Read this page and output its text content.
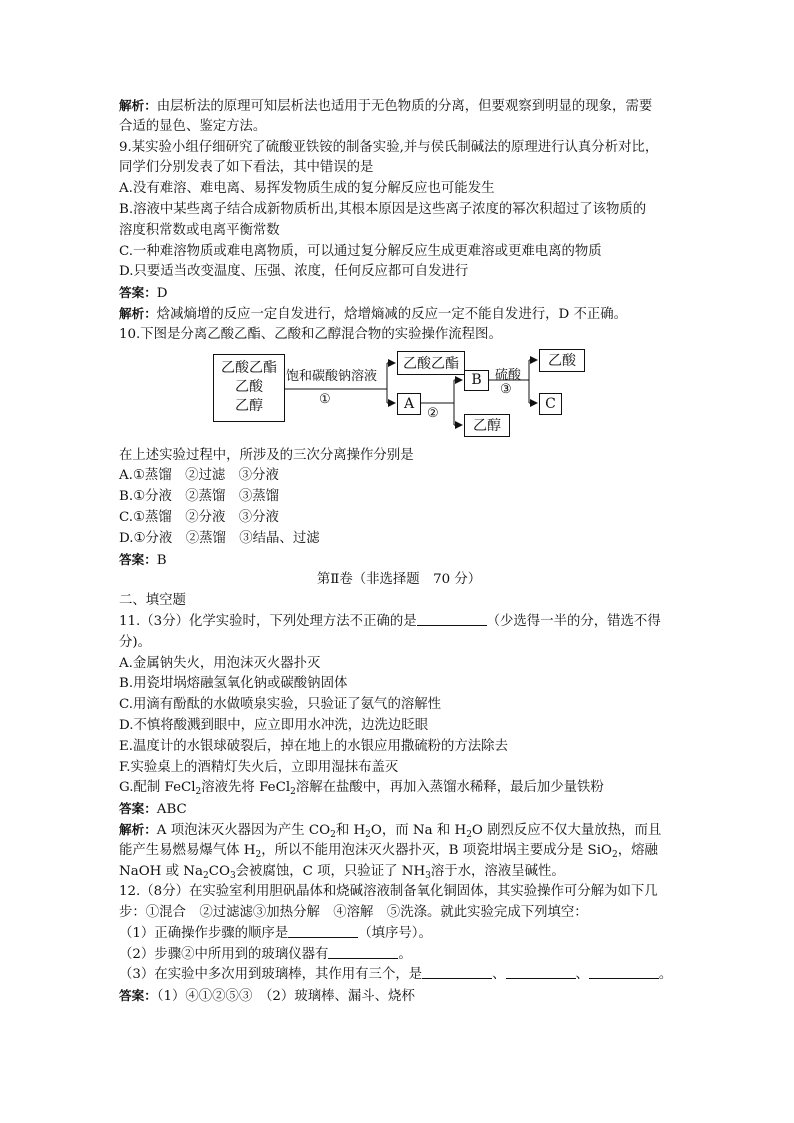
解析：由层析法的原理可知层析法也适用于无色物质的分离，但要观察到明显的现象，需要
合适的显色、鉴定方法。
9.某实验小组仔细研究了硫酸亚铁铵的制备实验,并与侯氏制碱法的原理进行认真分析对比，
同学们分别发表了如下看法，其中错误的是
A.没有难溶、难电离、易挥发物质生成的复分解反应也可能发生
B.溶液中某些离子结合成新物质析出,其根本原因是这些离子浓度的幂次积超过了该物质的
溶度积常数或电离平衡常数
C.一种难溶物质或难电离物质，可以通过复分解反应生成更难溶或更难电离的物质
D.只要适当改变温度、压强、浓度，任何反应都可自发进行
答案：D
解析：焓减熵增的反应一定自发进行，焓增熵减的反应一定不能自发进行，D 不正确。
10.下图是分离乙酸乙酯、乙酸和乙醇混合物的实验操作流程图。
乙酸乙酯
乙酸
乙醇
饱和碳酸钠溶液
①
乙酸乙酯
A
②
B	硫酸
③
乙酸
C
乙醇
在上述实验过程中，所涉及的三次分离操作分别是
A.①蒸馏　②过滤　③分液
B.①分液　②蒸馏　③蒸馏
C.①蒸馏　②分液　③分液
D.①分液　②蒸馏　③结晶、过滤
答案：B
第Ⅱ卷（非选择题　70 分）
二、填空题
11.（3分）化学实验时，下列处理方法不正确的是	（少选得一半的分，错选不得
分)。
A.金属钠失火，用泡沫灭火器扑灭
B.用瓷坩埚熔融氢氧化钠或碳酸钠固体
C.用滴有酚酞的水做喷泉实验，只验证了氨气的溶解性
D.不慎将酸溅到眼中，应立即用水冲洗，边洗边眨眼
E.温度计的水银球破裂后，掉在地上的水银应用撒硫粉的方法除去
F.实验桌上的酒精灯失火后，立即用湿抹布盖灭
G.配制 FeCl$_2$溶液先将 FeCl$_2$溶解在盐酸中，再加入蒸馏水稀释，最后加少量铁粉
答案：ABC
解析：A 项泡沫灭火器因为产生 $CO_2$和 $H_2O$，而 Na 和 $H_2O$ 剧烈反应不仅大量放热，而且
能产生易燃易爆气体 $H_2$，所以不能用泡沫灭火器扑灭，B 项瓷坩埚主要成分是 SiO$_2$，熔融
NaOH 或 $Na_2CO_3$会被腐蚀，C 项，只验证了 $NH_3$溶于水，溶液呈碱性。
12.（8分）在实验室利用胆矾晶体和烧碱溶液制备氧化铜固体，其实验操作可分解为如下几
步：①混合　②过滤滤③加热分解　④溶解　⑤洗涤。就此实验完成下列填空：
（1）正确操作步骤的顺序是	（填序号）。
（2）步骤②中所用到的玻璃仪器有	。
（3）在实验中多次用到玻璃棒，其作用有三个，是	、	、	。
答案：（1）④①②⑤③　（2）玻璃棒、漏斗、烧杯
